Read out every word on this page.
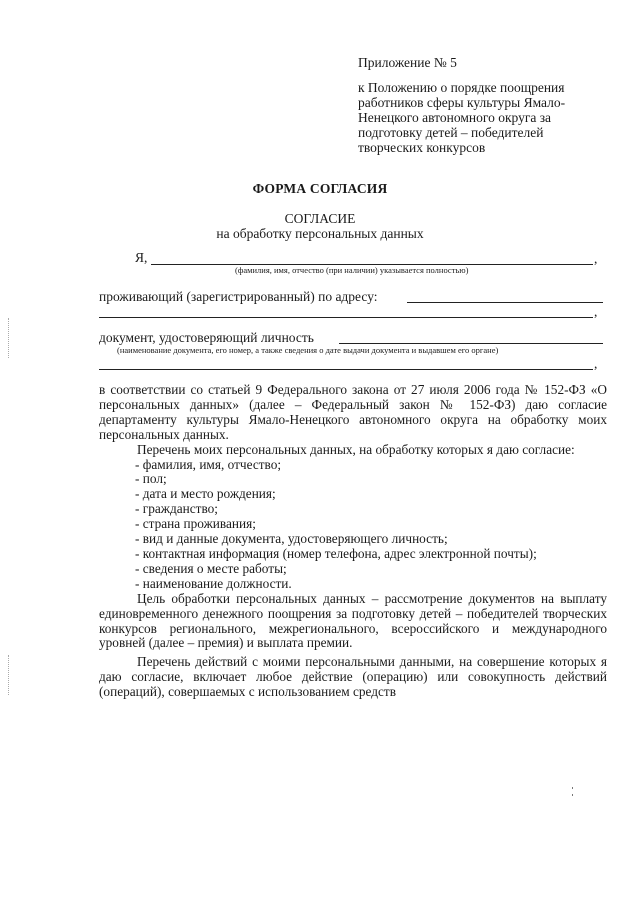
Приложение № 5
к Положению о порядке поощрения
работников сферы культуры Ямало-
Ненецкого автономного округа за
подготовку детей – победителей
творческих конкурсов
ФОРМА СОГЛАСИЯ
СОГЛАСИЕ
на обработку персональных данных
Я,	,
(фамилия, имя, отчество (при наличии) указывается полностью)
проживающий (зарегистрированный) по адресу:
,
документ, удостоверяющий личность
(наименование документа, его номер, а также сведения о дате выдачи документа и выдавшем его органе)
,

в соответствии со статьей 9 Федерального закона от 27 июля 2006 года № 152-ФЗ «О персональных данных» (далее – Федеральный закон № 152-ФЗ) даю согласие департаменту культуры Ямало-Ненецкого автономного округа на обработку моих персональных данных.

Перечень моих персональных данных, на обработку которых я даю согласие:

- фамилия, имя, отчество;
- пол;
- дата и место рождения;
- гражданство;
- страна проживания;
- вид и данные документа, удостоверяющего личность;
- контактная информация (номер телефона, адрес электронной почты);
- сведения о месте работы;
- наименование должности.

Цель обработки персональных данных – рассмотрение документов на выплату единовременного денежного поощрения за подготовку детей – победителей творческих конкурсов регионального, межрегионального, всероссийского и международного уровней (далее – премия) и выплата премии.

Перечень действий с моими персональными данными, на совершение которых я даю согласие, включает любое действие (операцию) или совокупность действий (операций), совершаемых с использованием средств
